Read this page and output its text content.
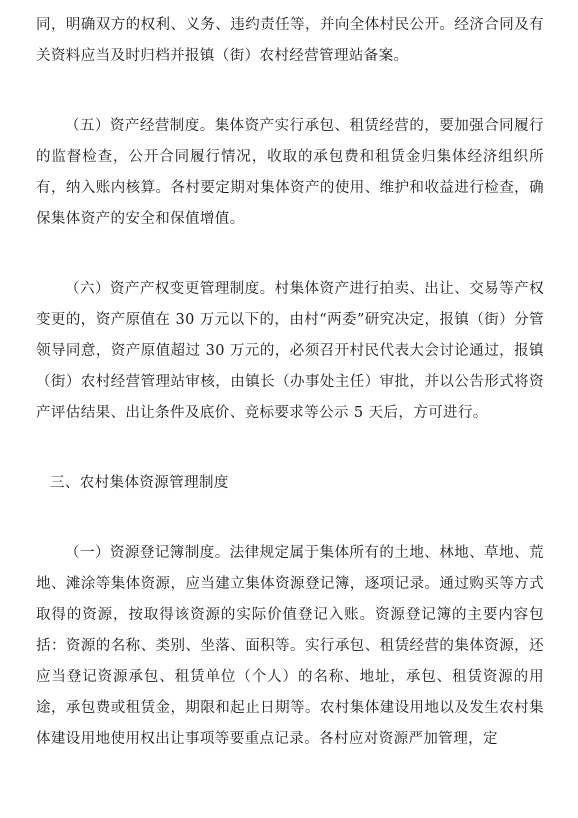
同，明确双方的权利、义务、违约责任等，并向全体村民公开。经济合同及有关资料应当及时归档并报镇（街）农村经营管理站备案。

（五）资产经营制度。集体资产实行承包、租赁经营的，要加强合同履行的监督检查，公开合同履行情况，收取的承包费和租赁金归集体经济组织所有，纳入账内核算。各村要定期对集体资产的使用、维护和收益进行检查，确保集体资产的安全和保值增值。

（六）资产产权变更管理制度。村集体资产进行拍卖、出让、交易等产权变更的，资产原值在 30 万元以下的，由村“两委”研究决定，报镇（街）分管领导同意，资产原值超过 30 万元的，必须召开村民代表大会讨论通过，报镇（街）农村经营管理站审核，由镇长（办事处主任）审批，并以公告形式将资产评估结果、出让条件及底价、竞标要求等公示 5 天后，方可进行。

三、农村集体资源管理制度

（一）资源登记簿制度。法律规定属于集体所有的土地、林地、草地、荒地、滩涂等集体资源，应当建立集体资源登记簿，逐项记录。通过购买等方式取得的资源，按取得该资源的实际价值登记入账。资源登记簿的主要内容包括：资源的名称、类别、坐落、面积等。实行承包、租赁经营的集体资源，还应当登记资源承包、租赁单位（个人）的名称、地址，承包、租赁资源的用途，承包费或租赁金，期限和起止日期等。农村集体建设用地以及发生农村集体建设用地使用权出让事项等要重点记录。各村应对资源严加管理，定
